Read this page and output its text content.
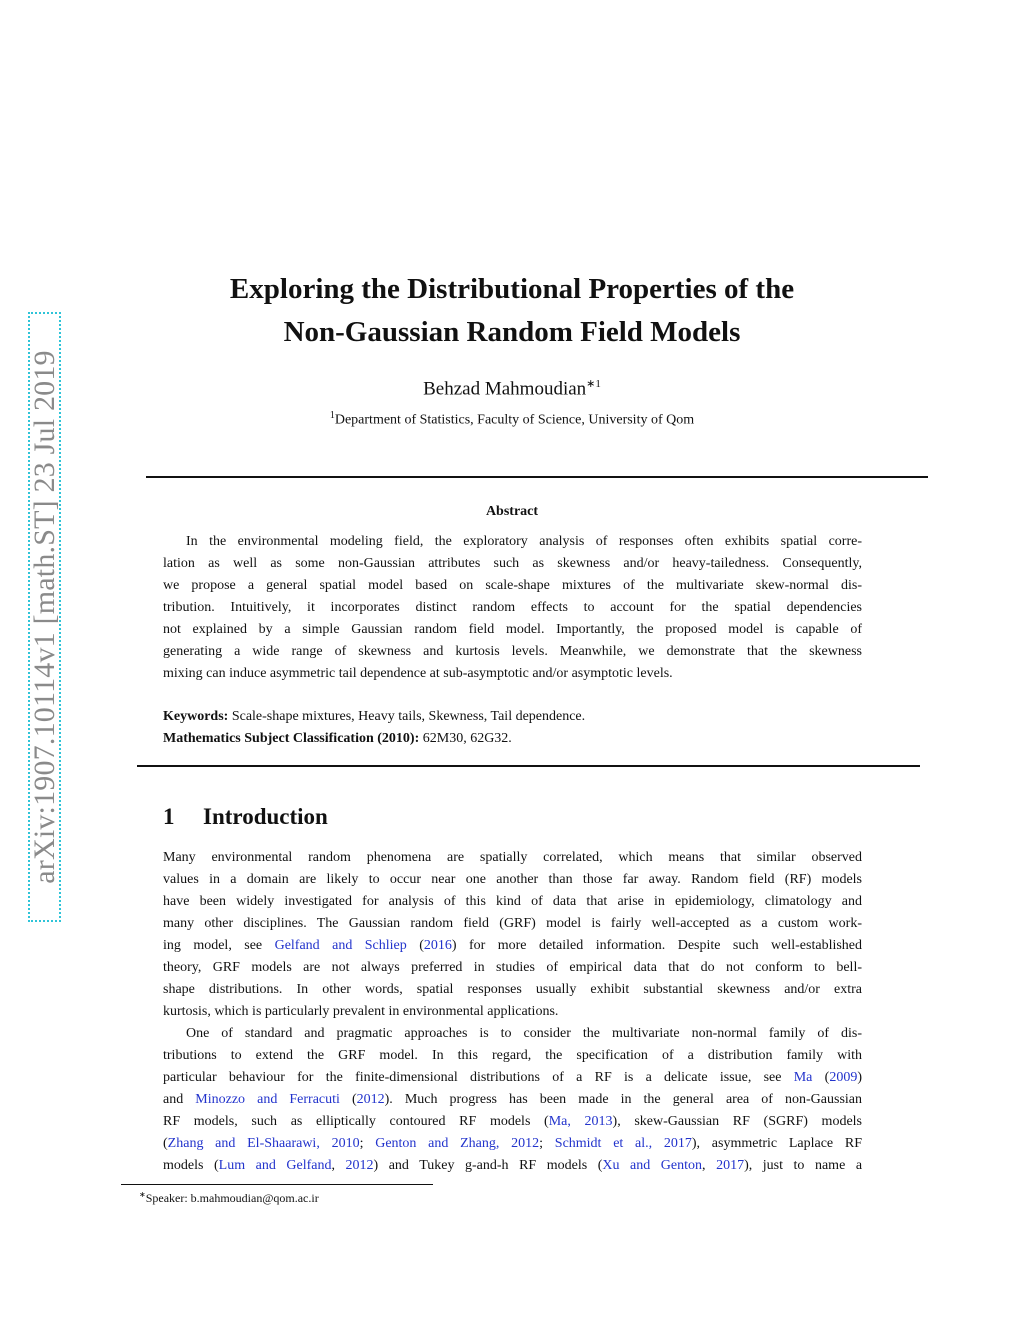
arXiv:1907.10114v1 [math.ST] 23 Jul 2019
Exploring the Distributional Properties of the
Non-Gaussian Random Field Models
Behzad Mahmoudian$^{∗1}$
$^1$Department of Statistics, Faculty of Science, University of Qom
Abstract
In the environmental modeling field, the exploratory analysis of responses often exhibits spatial corre-
lation as well as some non-Gaussian attributes such as skewness and/or heavy-tailedness. Consequently,
we propose a general spatial model based on scale-shape mixtures of the multivariate skew-normal dis-
tribution. Intuitively, it incorporates distinct random effects to account for the spatial dependencies
not explained by a simple Gaussian random field model. Importantly, the proposed model is capable of
generating a wide range of skewness and kurtosis levels. Meanwhile, we demonstrate that the skewness
mixing can induce asymmetric tail dependence at sub-asymptotic and/or asymptotic levels.
Keywords: Scale-shape mixtures, Heavy tails, Skewness, Tail dependence.
Mathematics Subject Classification (2010): 62M30, 62G32.
1 Introduction
Many environmental random phenomena are spatially correlated, which means that similar observed
values in a domain are likely to occur near one another than those far away. Random field (RF) models
have been widely investigated for analysis of this kind of data that arise in epidemiology, climatology and
many other disciplines. The Gaussian random field (GRF) model is fairly well-accepted as a custom work-
ing model, see Gelfand and Schliep (2016) for more detailed information. Despite such well-established
theory, GRF models are not always preferred in studies of empirical data that do not conform to bell-
shape distributions. In other words, spatial responses usually exhibit substantial skewness and/or extra
kurtosis, which is particularly prevalent in environmental applications.
One of standard and pragmatic approaches is to consider the multivariate non-normal family of dis-
tributions to extend the GRF model. In this regard, the specification of a distribution family with
particular behaviour for the finite-dimensional distributions of a RF is a delicate issue, see Ma (2009)
and Minozzo and Ferracuti (2012). Much progress has been made in the general area of non-Gaussian
RF models, such as elliptically contoured RF models (Ma, 2013), skew-Gaussian RF (SGRF) models
(Zhang and El-Shaarawi, 2010; Genton and Zhang, 2012; Schmidt et al., 2017), asymmetric Laplace RF
models (Lum and Gelfand, 2012) and Tukey g-and-h RF models (Xu and Genton, 2017), just to name a
∗Speaker: b.mahmoudian@qom.ac.ir
